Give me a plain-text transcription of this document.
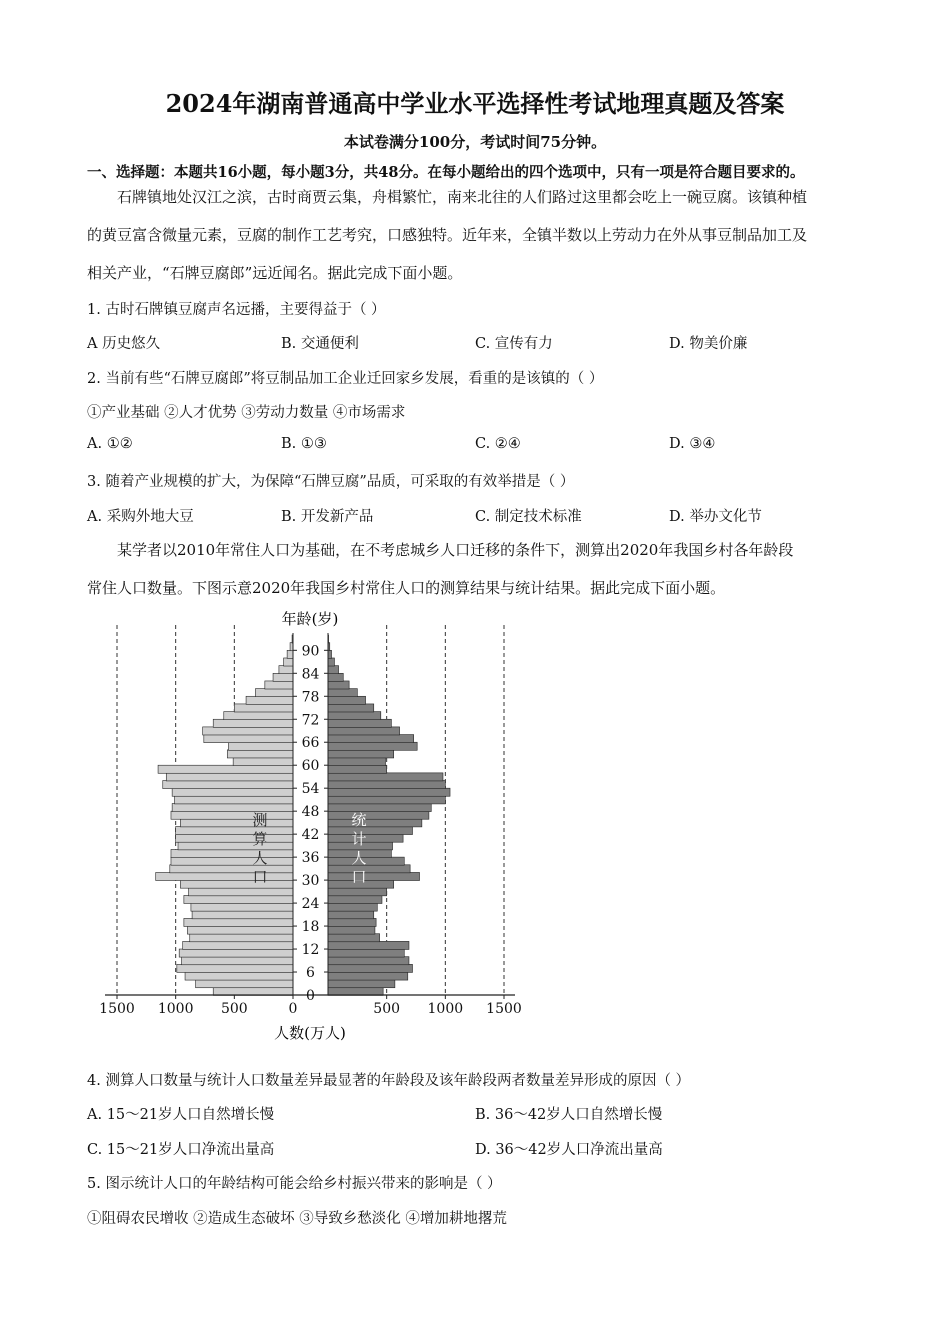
2024年湖南普通高中学业水平选择性考试地理真题及答案
本试卷满分100分，考试时间75分钟。
一、选择题：本题共16小题，每小题3分，共48分。在每小题给出的四个选项中，只有一项是符合题目要求的。

石牌镇地处汉江之滨，古时商贾云集，舟楫繁忙，南来北往的人们路过这里都会吃上一碗豆腐。该镇种植

的黄豆富含微量元素，豆腐的制作工艺考究，口感独特。近年来，全镇半数以上劳动力在外从事豆制品加工及

相关产业，“石牌豆腐郎”远近闻名。据此完成下面小题。

1. 古时石牌镇豆腐声名远播，主要得益于（ ）
A 历史悠久	B. 交通便利	C. 宣传有力	D. 物美价廉
2. 当前有些“石牌豆腐郎”将豆制品加工企业迁回家乡发展，看重的是该镇的（ ）
①产业基础 ②人才优势 ③劳动力数量 ④市场需求
A. ①②	B. ①③	C. ②④	D. ③④
3. 随着产业规模的扩大，为保障“石牌豆腐”品质，可采取的有效举措是（ ）
A. 采购外地大豆	B. 开发新产品	C. 制定技术标准	D. 举办文化节

某学者以2010年常住人口为基础，在不考虑城乡人口迁移的条件下，测算出2020年我国乡村各年龄段

常住人口数量。下图示意2020年我国乡村常住人口的测算结果与统计结果。据此完成下面小题。

年龄(岁)
人数(万人)
0
6
12
18
24
30
36
42
48
54
60
66
72
78
84
90
1500 1000 500	0	500 1000 1500
测
算
人
口
统
计
人
口
4. 测算人口数量与统计人口数量差异最显著的年龄段及该年龄段两者数量差异形成的原因（ ）
A. 15～21岁人口自然增长慢	B. 36～42岁人口自然增长慢
C. 15～21岁人口净流出量高	D. 36～42岁人口净流出量高
5. 图示统计人口的年龄结构可能会给乡村振兴带来的影响是（ ）
①阻碍农民增收 ②造成生态破坏 ③导致乡愁淡化 ④增加耕地撂荒
